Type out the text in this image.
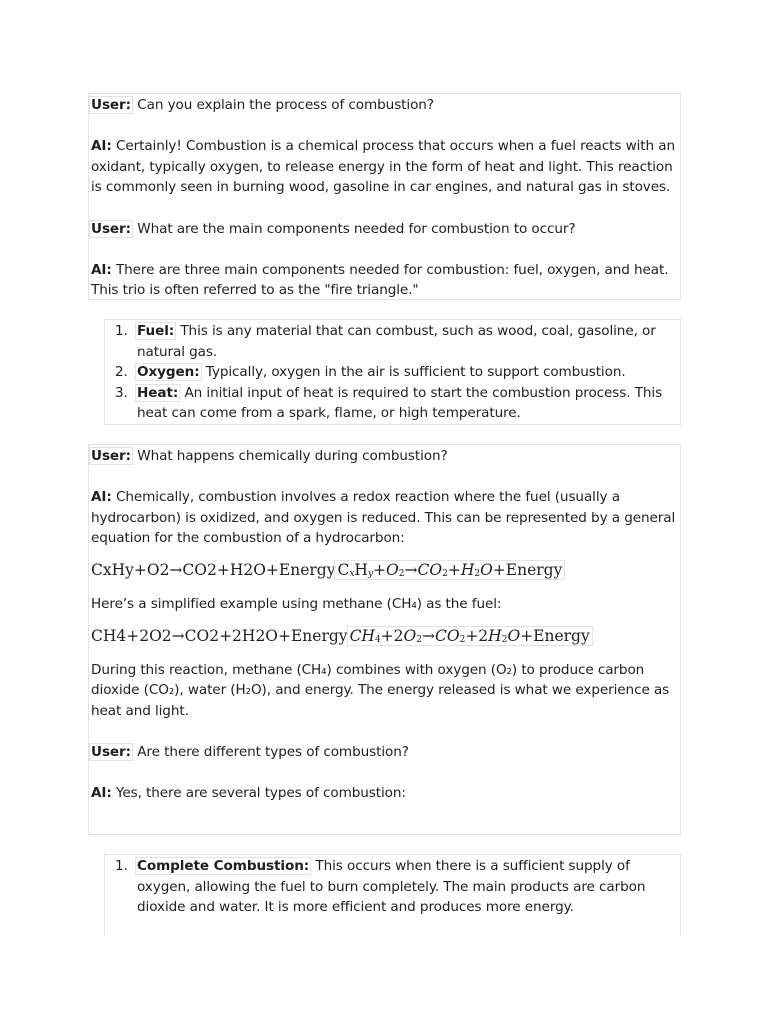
User: Can you explain the process of combustion?

AI: Certainly! Combustion is a chemical process that occurs when a fuel reacts with an oxidant, typically oxygen, to release energy in the form of heat and light. This reaction is commonly seen in burning wood, gasoline in car engines, and natural gas in stoves.

User: What are the main components needed for combustion to occur?

AI: There are three main components needed for combustion: fuel, oxygen, and heat. This trio is often referred to as the "fire triangle."

1. Fuel: This is any material that can combust, such as wood, coal, gasoline, or natural gas.
2. Oxygen: Typically, oxygen in the air is sufficient to support combustion.
3. Heat: An initial input of heat is required to start the combustion process. This heat can come from a spark, flame, or high temperature.

User: What happens chemically during combustion?

AI: Chemically, combustion involves a redox reaction where the fuel (usually a hydrocarbon) is oxidized, and oxygen is reduced. This can be represented by a general equation for the combustion of a hydrocarbon:

CxHy+O2→CO2+H2O+Energy CxHy+O2→CO2+H2O+Energy

Here’s a simplified example using methane (CH₄) as the fuel:

CH4+2O2→CO2+2H2O+Energy CH4+2O2→CO2+2H2O+Energy

During this reaction, methane (CH₄) combines with oxygen (O₂) to produce carbon dioxide (CO₂), water (H₂O), and energy. The energy released is what we experience as heat and light.

User: Are there different types of combustion?

AI: Yes, there are several types of combustion:

1. Complete Combustion: This occurs when there is a sufficient supply of oxygen, allowing the fuel to burn completely. The main products are carbon dioxide and water. It is more efficient and produces more energy.
